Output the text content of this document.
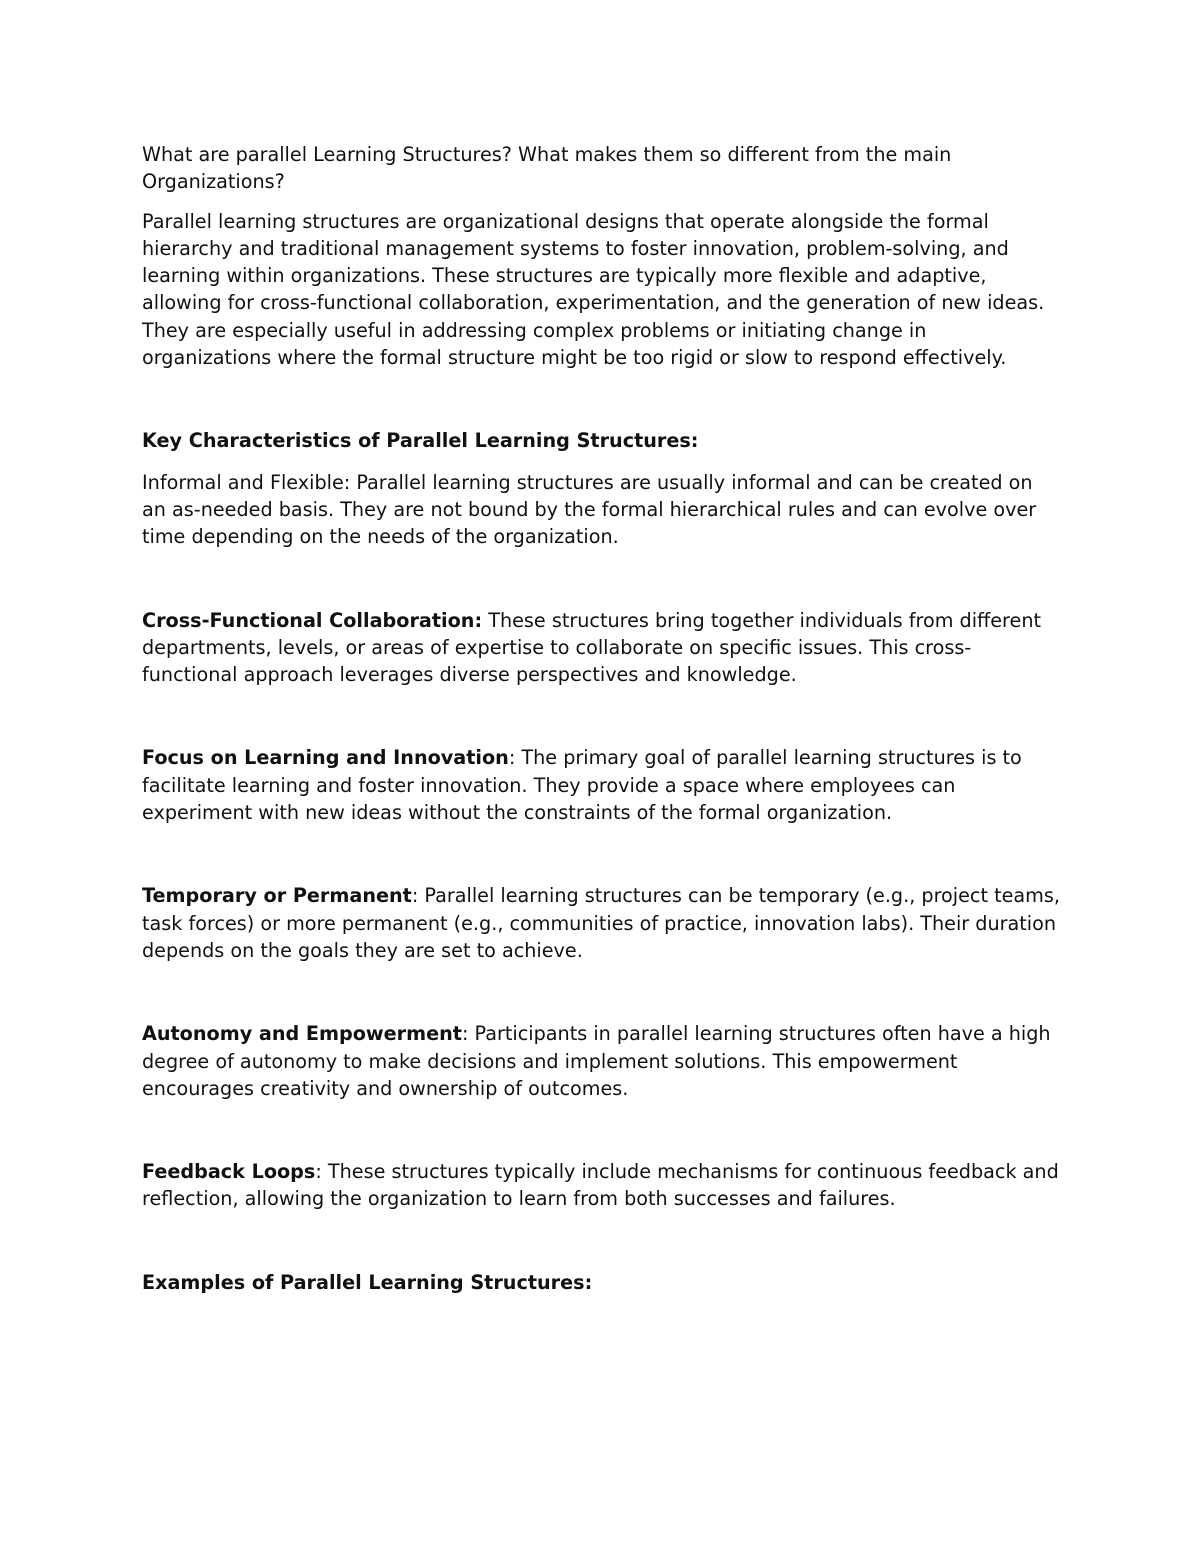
What are parallel Learning Structures? What makes them so different from the main Organizations?

Parallel learning structures are organizational designs that operate alongside the formal hierarchy and traditional management systems to foster innovation, problem-solving, and learning within organizations. These structures are typically more flexible and adaptive, allowing for cross-functional collaboration, experimentation, and the generation of new ideas. They are especially useful in addressing complex problems or initiating change in organizations where the formal structure might be too rigid or slow to respond effectively.

Key Characteristics of Parallel Learning Structures:

Informal and Flexible: Parallel learning structures are usually informal and can be created on an as-needed basis. They are not bound by the formal hierarchical rules and can evolve over time depending on the needs of the organization.

Cross-Functional Collaboration: These structures bring together individuals from different departments, levels, or areas of expertise to collaborate on specific issues. This cross-functional approach leverages diverse perspectives and knowledge.

Focus on Learning and Innovation: The primary goal of parallel learning structures is to facilitate learning and foster innovation. They provide a space where employees can experiment with new ideas without the constraints of the formal organization.

Temporary or Permanent: Parallel learning structures can be temporary (e.g., project teams, task forces) or more permanent (e.g., communities of practice, innovation labs). Their duration depends on the goals they are set to achieve.

Autonomy and Empowerment: Participants in parallel learning structures often have a high degree of autonomy to make decisions and implement solutions. This empowerment encourages creativity and ownership of outcomes.

Feedback Loops: These structures typically include mechanisms for continuous feedback and reflection, allowing the organization to learn from both successes and failures.

Examples of Parallel Learning Structures:
